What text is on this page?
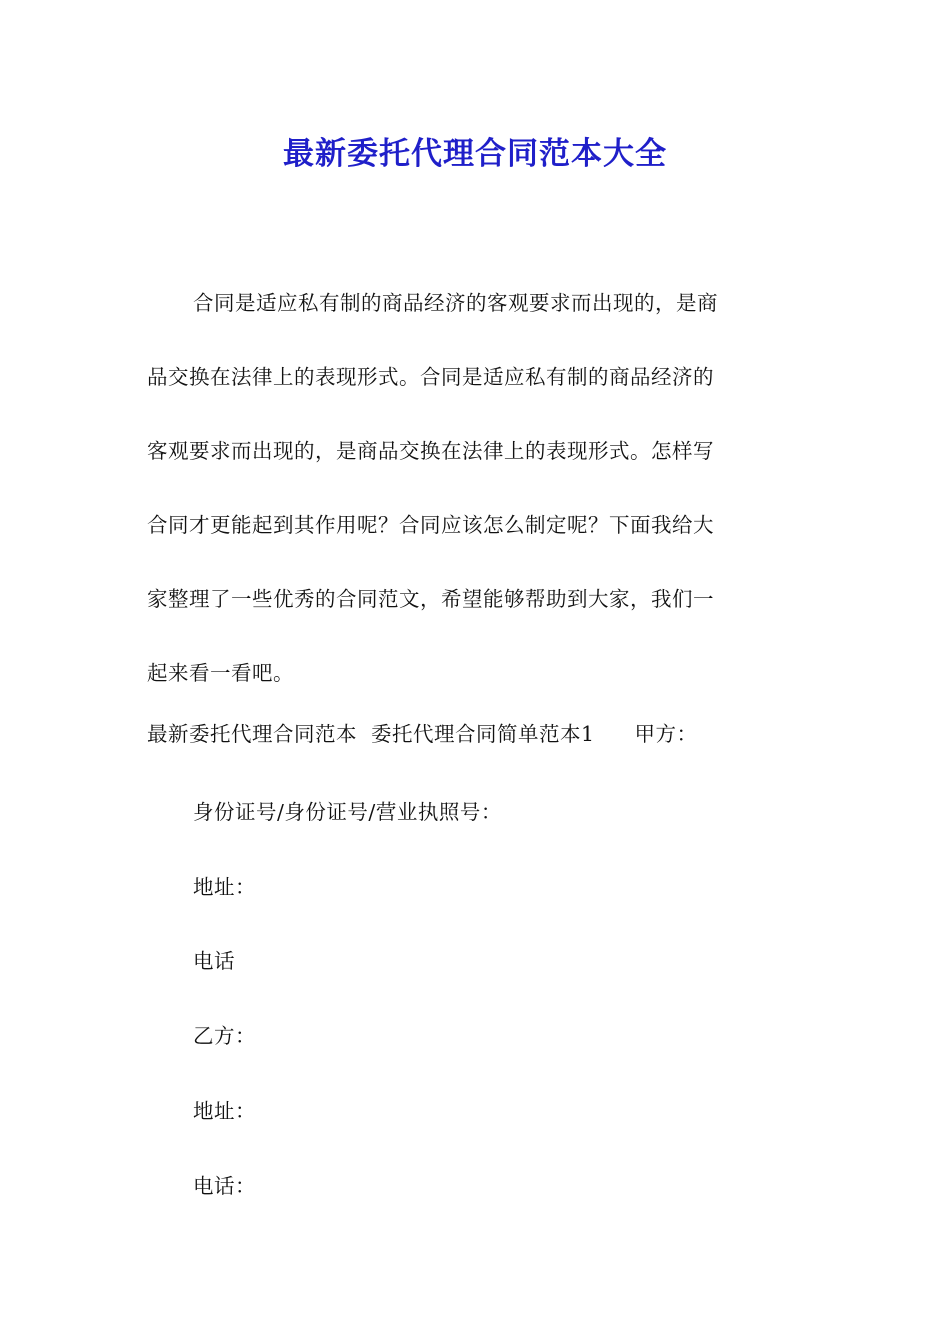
最新委托代理合同范本大全
合同是适应私有制的商品经济的客观要求而出现的，是商
品交换在法律上的表现形式。合同是适应私有制的商品经济的
客观要求而出现的，是商品交换在法律上的表现形式。怎样写
合同才更能起到其作用呢？合同应该怎么制定呢？下面我给大
家整理了一些优秀的合同范文，希望能够帮助到大家，我们一
起来看一看吧。
最新委托代理合同范本 委托代理合同简单范本1 甲方：
身份证号/身份证号/营业执照号：
地址：
电话
乙方：
地址：
电话：
